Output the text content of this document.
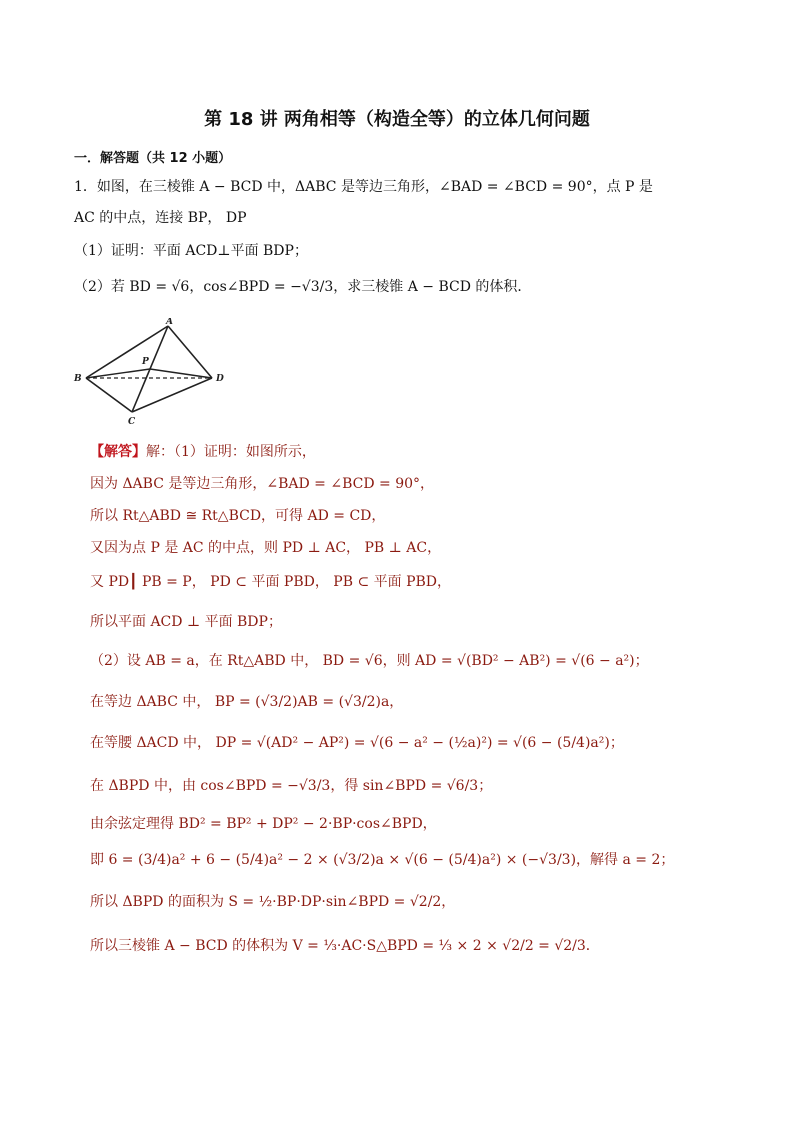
第 18 讲 两角相等（构造全等）的立体几何问题
一．解答题（共 12 小题）
1．如图，在三棱锥 A − BCD 中，ΔABC 是等边三角形，∠BAD = ∠BCD = 90°，点 P 是
AC 的中点，连接 BP， DP
（1）证明：平面 ACD⊥平面 BDP；
（2）若 BD = √6，cos∠BPD = −√3/3，求三棱锥 A − BCD 的体积．
A
B
C
D
P
【解答】解：（1）证明：如图所示，
因为 ΔABC 是等边三角形，∠BAD = ∠BCD = 90°，
所以 Rt△ABD ≅ Rt△BCD，可得 AD = CD，
又因为点 P 是 AC 的中点，则 PD ⊥ AC， PB ⊥ AC，
又 PD┃ PB = P， PD ⊂ 平面 PBD， PB ⊂ 平面 PBD，
所以平面 ACD ⊥ 平面 BDP；
（2）设 AB = a，在 Rt△ABD 中， BD = √6，则 AD = √(BD² − AB²) = √(6 − a²)；
在等边 ΔABC 中， BP = (√3/2)AB = (√3/2)a，
在等腰 ΔACD 中， DP = √(AD² − AP²) = √(6 − a² − (½a)²) = √(6 − (5/4)a²)；
在 ΔBPD 中，由 cos∠BPD = −√3/3，得 sin∠BPD = √6/3；
由余弦定理得 BD² = BP² + DP² − 2·BP·cos∠BPD，
即 6 = (3/4)a² + 6 − (5/4)a² − 2 × (√3/2)a × √(6 − (5/4)a²) × (−√3/3)，解得 a = 2；
所以 ΔBPD 的面积为 S = ½·BP·DP·sin∠BPD = √2/2，
所以三棱锥 A − BCD 的体积为 V = ⅓·AC·S△BPD = ⅓ × 2 × √2/2 = √2/3．
